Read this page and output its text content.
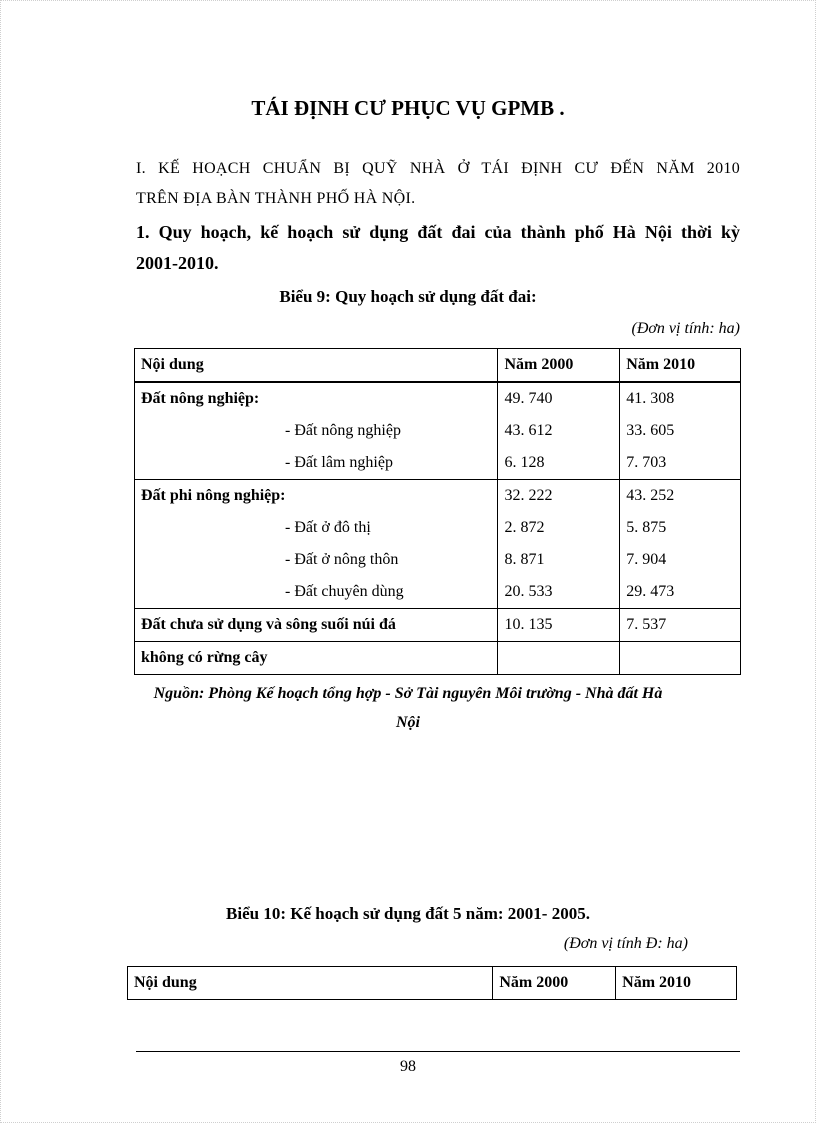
TÁI ĐỊNH CƯ PHỤC VỤ GPMB .
I. KẾ HOẠCH CHUẨN BỊ QUỸ NHÀ Ở TÁI ĐỊNH CƯ ĐẾN NĂM 2010
TRÊN ĐỊA BÀN THÀNH PHỐ HÀ NỘI.
1. Quy hoạch, kế hoạch sử dụng đất đai của thành phố Hà Nội thời kỳ
2001-2010.
Biểu 9: Quy hoạch sử dụng đất đai:
(Đơn vị tính: ha)
Nội dung	Năm 2000	Năm 2010
Đất nông nghiệp:	49. 740	41. 308
- Đất nông nghiệp	43. 612	33. 605
- Đất lâm nghiệp	6. 128	7. 703
Đất phi nông nghiệp:	32. 222	43. 252
- Đất ở đô thị	2. 872	5. 875
- Đất ở nông thôn	8. 871	7. 904
- Đất chuyên dùng	20. 533	29. 473
Đất chưa sử dụng và sông suối núi đá	10. 135	7. 537
không có rừng cây		
Nguồn: Phòng Kế hoạch tổng hợp - Sở Tài nguyên Môi trường - Nhà đất Hà
Nội
Biểu 10: Kế hoạch sử dụng đất 5 năm: 2001- 2005.
(Đơn vị tính Đ: ha)
Nội dung	Năm 2000	Năm 2010
98
